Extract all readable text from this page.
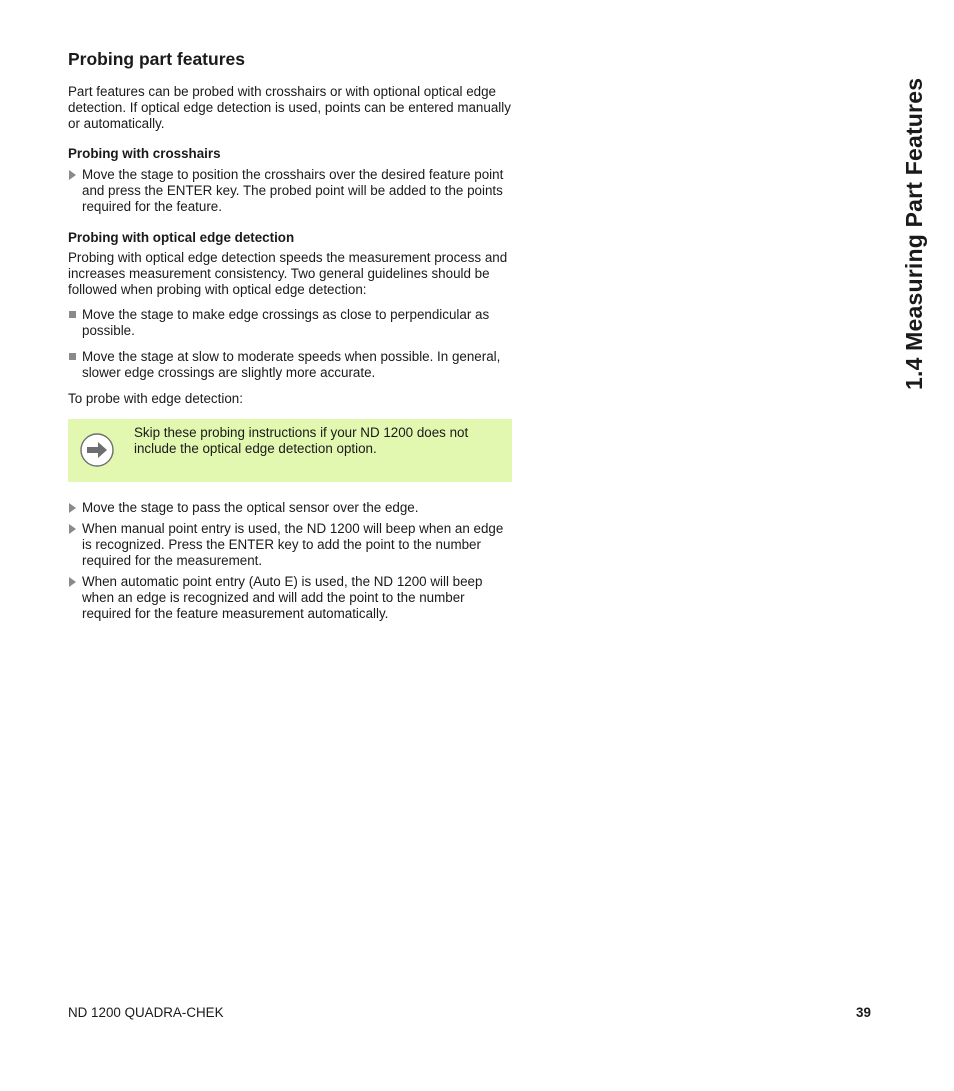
Probing part features

Part features can be probed with crosshairs or with optional optical edge detection. If optical edge detection is used, points can be entered manually or automatically.

Probing with crosshairs
Move the stage to position the crosshairs over the desired feature point and press the ENTER key. The probed point will be added to the points required for the feature.
Probing with optical edge detection

Probing with optical edge detection speeds the measurement process and increases measurement consistency. Two general guidelines should be followed when probing with optical edge detection:

Move the stage to make edge crossings as close to perpendicular as possible.
Move the stage at slow to moderate speeds when possible. In general, slower edge crossings are slightly more accurate.

To probe with edge detection:

Skip these probing instructions if your ND 1200 does not include the optical edge detection option.
Move the stage to pass the optical sensor over the edge.
When manual point entry is used, the ND 1200 will beep when an edge is recognized. Press the ENTER key to add the point to the number required for the measurement.
When automatic point entry (Auto E) is used, the ND 1200 will beep when an edge is recognized and will add the point to the number required for the feature measurement automatically.
1.4 Measuring Part Features
ND 1200 QUADRA-CHEK	39
